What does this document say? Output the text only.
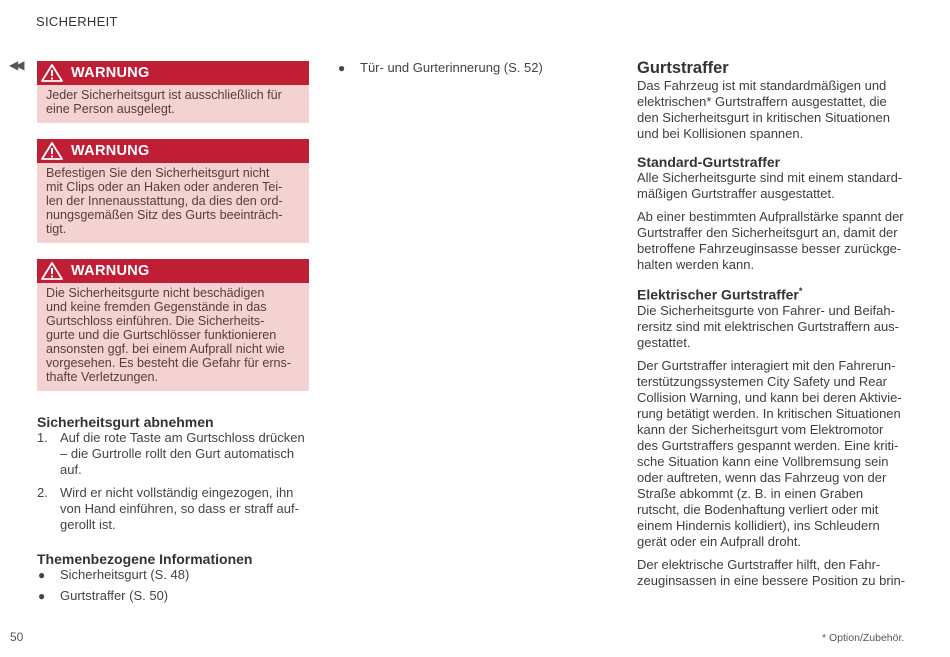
SICHERHEIT
◀◀	WARNUNG
Jeder Sicherheitsgurt ist ausschließlich für
eine Person ausgelegt.
WARNUNG
Befestigen Sie den Sicherheitsgurt nicht
mit Clips oder an Haken oder anderen Tei-
len der Innenausstattung, da dies den ord-
nungsgemäßen Sitz des Gurts beeinträch-
tigt.
WARNUNG
Die Sicherheitsgurte nicht beschädigen
und keine fremden Gegenstände in das
Gurtschloss einführen. Die Sicherheits-
gurte und die Gurtschlösser funktionieren
ansonsten ggf. bei einem Aufprall nicht wie
vorgesehen. Es besteht die Gefahr für erns-
thafte Verletzungen.
Sicherheitsgurt abnehmen
1. Auf die rote Taste am Gurtschloss drücken
– die Gurtrolle rollt den Gurt automatisch
auf.
2. Wird er nicht vollständig eingezogen, ihn
von Hand einführen, so dass er straff auf-
gerollt ist.
Themenbezogene Informationen
● Sicherheitsgurt (S. 48)
● Gurtstraffer (S. 50)
● Tür- und Gurterinnerung (S. 52)	Gurtstraffer

Das Fahrzeug ist mit standardmäßigen und
elektrischen* Gurtstraffern ausgestattet, die
den Sicherheitsgurt in kritischen Situationen
und bei Kollisionen spannen.

Standard-Gurtstraffer

Alle Sicherheitsgurte sind mit einem standard-
mäßigen Gurtstraffer ausgestattet.

Ab einer bestimmten Aufprallstärke spannt der
Gurtstraffer den Sicherheitsgurt an, damit der
betroffene Fahrzeuginsasse besser zurückge-
halten werden kann.

Elektrischer Gurtstraffer*

Die Sicherheitsgurte von Fahrer- und Beifah-
rersitz sind mit elektrischen Gurtstraffern aus-
gestattet.

Der Gurtstraffer interagiert mit den Fahrerun-
terstützungssystemen City Safety und Rear
Collision Warning, und kann bei deren Aktivie-
rung betätigt werden. In kritischen Situationen
kann der Sicherheitsgurt vom Elektromotor
des Gurtstraffers gespannt werden. Eine kriti-
sche Situation kann eine Vollbremsung sein
oder auftreten, wenn das Fahrzeug von der
Straße abkommt (z. B. in einen Graben
rutscht, die Bodenhaftung verliert oder mit
einem Hindernis kollidiert), ins Schleudern
gerät oder ein Aufprall droht.

Der elektrische Gurtstraffer hilft, den Fahr-
zeuginsassen in eine bessere Position zu brin-

50	* Option/Zubehör.
